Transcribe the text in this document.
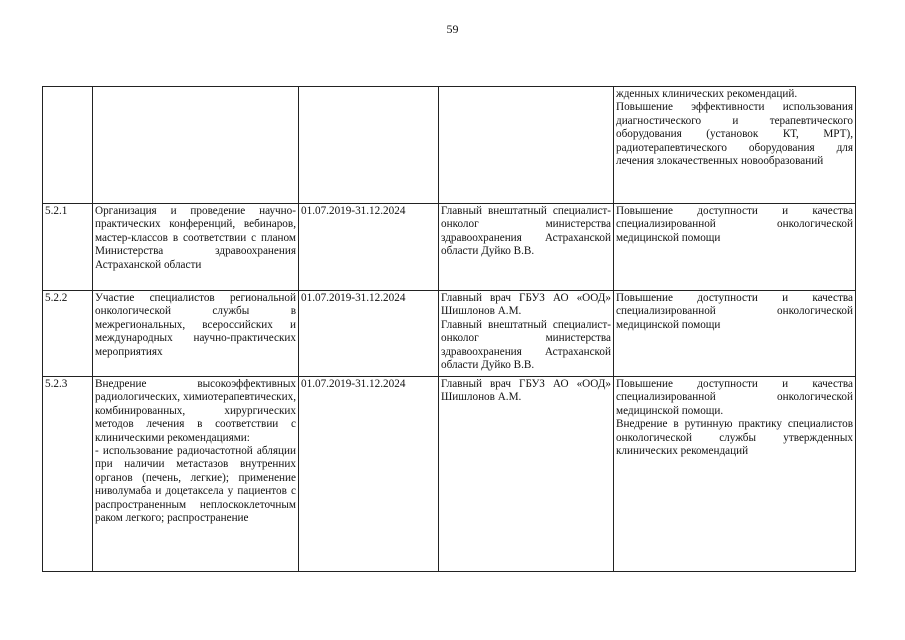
59
				жденных клинических рекомендаций.
Повышение эффективности использования диагностического и терапевтического оборудования (установок КТ, МРТ), радиотерапевтического оборудования для лечения злокачественных новообразований
5.2.1	Организация и проведение научно-практических конференций, вебинаров, мастер-классов в соответствии с планом Министерства здравоохранения Астраханской области	01.07.2019-31.12.2024	Главный внештатный специалист-онколог министерства здравоохранения Астраханской области Дуйко В.В.	Повышение доступности и качества специализированной онкологической медицинской помощи
5.2.2	Участие специалистов региональной онкологической службы в межрегиональных, всероссийских и международных научно-практических мероприятиях	01.07.2019-31.12.2024	Главный врач ГБУЗ АО «ООД» Шишлонов А.М.
Главный внештатный специалист-онколог министерства здравоохранения Астраханской области Дуйко В.В.	Повышение доступности и качества специализированной онкологической медицинской помощи
5.2.3	Внедрение высокоэффективных радиологических, химиотерапевтических, комбинированных, хирургических методов лечения в соответствии с клиническими рекомендациями:
- использование радиочастотной абляции при наличии метастазов внутренних органов (печень, легкие); применение ниволумаба и доцетаксела у пациентов с распространенным неплоскоклеточным раком легкого; распространение	01.07.2019-31.12.2024	Главный врач ГБУЗ АО «ООД» Шишлонов А.М.	Повышение доступности и качества специализированной онкологической медицинской помощи.
Внедрение в рутинную практику специалистов онкологической службы утвержденных клинических рекомендаций
